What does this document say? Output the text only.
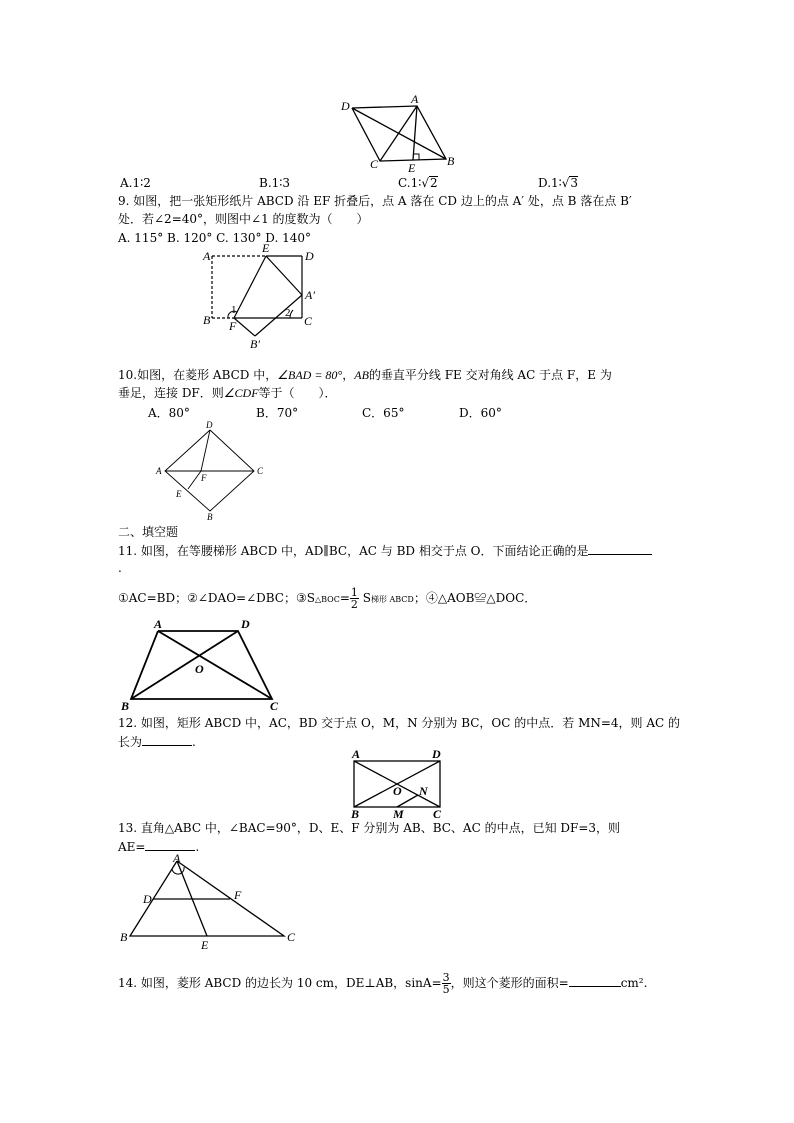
D	A
C E	B
A.1∶2	B.1∶3	C.1∶√2	D.1∶√3
9. 如图，把一张矩形纸片 ABCD 沿 EF 折叠后，点 A 落在 CD 边上的点 A′ 处，点 B 落在点 B′
处．若∠2=40°，则图中∠1 的度数为（　　）
A. 115° B. 120° C. 130° D. 140°
A
E
D
A′
B F	C
B′
1	2
10.如图，在菱形 ABCD 中，∠BAD = 80°，AB的垂直平分线 FE 交对角线 AC 于点 F，E 为
垂足，连接 DF．则∠CDF等于（　　）．
A．80°	B．70°	C．65°	D．60°
D
A
F
C
E
B
二、填空题
11. 如图，在等腰梯形 ABCD 中，AD∥BC，AC 与 BD 相交于点 O．下面结论正确的是
.
①AC=BD；②∠DAO=∠DBC；③S△BOC= $\frac{1}{2}$ S梯形 ABCD；④△AOB≌△DOC．
A	D
O
B	C
12. 如图，矩形 ABCD 中，AC，BD 交于点 O，M，N 分别为 BC，OC 的中点．若 MN=4，则 AC 的
长为	.
A	D
O N
B	M C
13. 直角△ABC 中，∠BAC=90°，D、E、F 分别为 AB、BC、AC 的中点，已知 DF=3，则
AE=	.
A
D	F
B
E
C
14. 如图，菱形 ABCD 的边长为 10 cm，DE⊥AB，$\sin A= \frac{3}{5}$ ，则这个菱形的面积=	cm².
